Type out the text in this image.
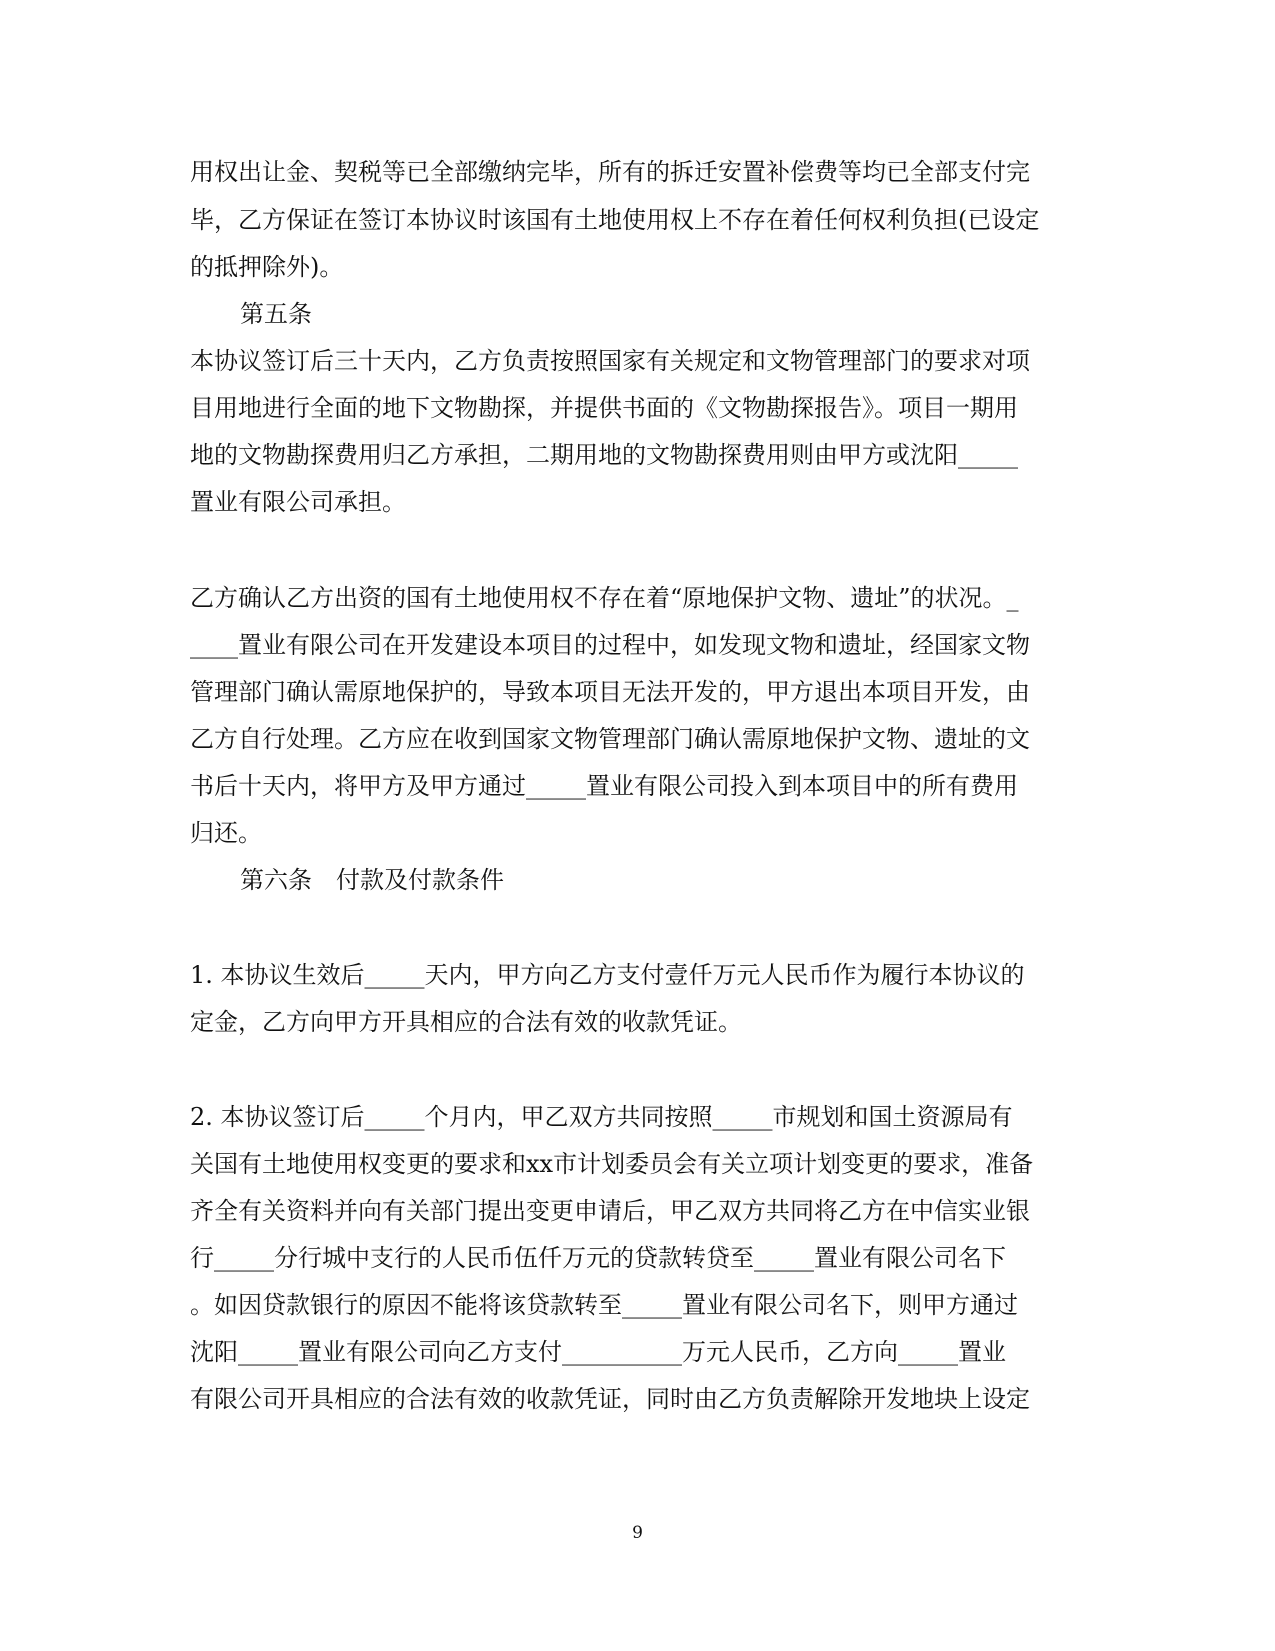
用权出让金、契税等已全部缴纳完毕，所有的拆迁安置补偿费等均已全部支付完
毕，乙方保证在签订本协议时该国有土地使用权上不存在着任何权利负担(已设定
的抵押除外)。
第五条
本协议签订后三十天内，乙方负责按照国家有关规定和文物管理部门的要求对项
目用地进行全面的地下文物勘探，并提供书面的《文物勘探报告》。项目一期用
地的文物勘探费用归乙方承担，二期用地的文物勘探费用则由甲方或沈阳_____
置业有限公司承担。
乙方确认乙方出资的国有土地使用权不存在着“原地保护文物、遗址”的状况。_
____置业有限公司在开发建设本项目的过程中，如发现文物和遗址，经国家文物
管理部门确认需原地保护的，导致本项目无法开发的，甲方退出本项目开发，由
乙方自行处理。乙方应在收到国家文物管理部门确认需原地保护文物、遗址的文
书后十天内，将甲方及甲方通过_____置业有限公司投入到本项目中的所有费用
归还。
第六条　付款及付款条件
1. 本协议生效后_____天内，甲方向乙方支付壹仟万元人民币作为履行本协议的
定金，乙方向甲方开具相应的合法有效的收款凭证。
2. 本协议签订后_____个月内，甲乙双方共同按照_____市规划和国土资源局有
关国有土地使用权变更的要求和xx市计划委员会有关立项计划变更的要求，准备
齐全有关资料并向有关部门提出变更申请后，甲乙双方共同将乙方在中信实业银
行_____分行城中支行的人民币伍仟万元的贷款转贷至_____置业有限公司名下
。如因贷款银行的原因不能将该贷款转至_____置业有限公司名下，则甲方通过
沈阳_____置业有限公司向乙方支付__________万元人民币，乙方向_____置业
有限公司开具相应的合法有效的收款凭证，同时由乙方负责解除开发地块上设定
9
